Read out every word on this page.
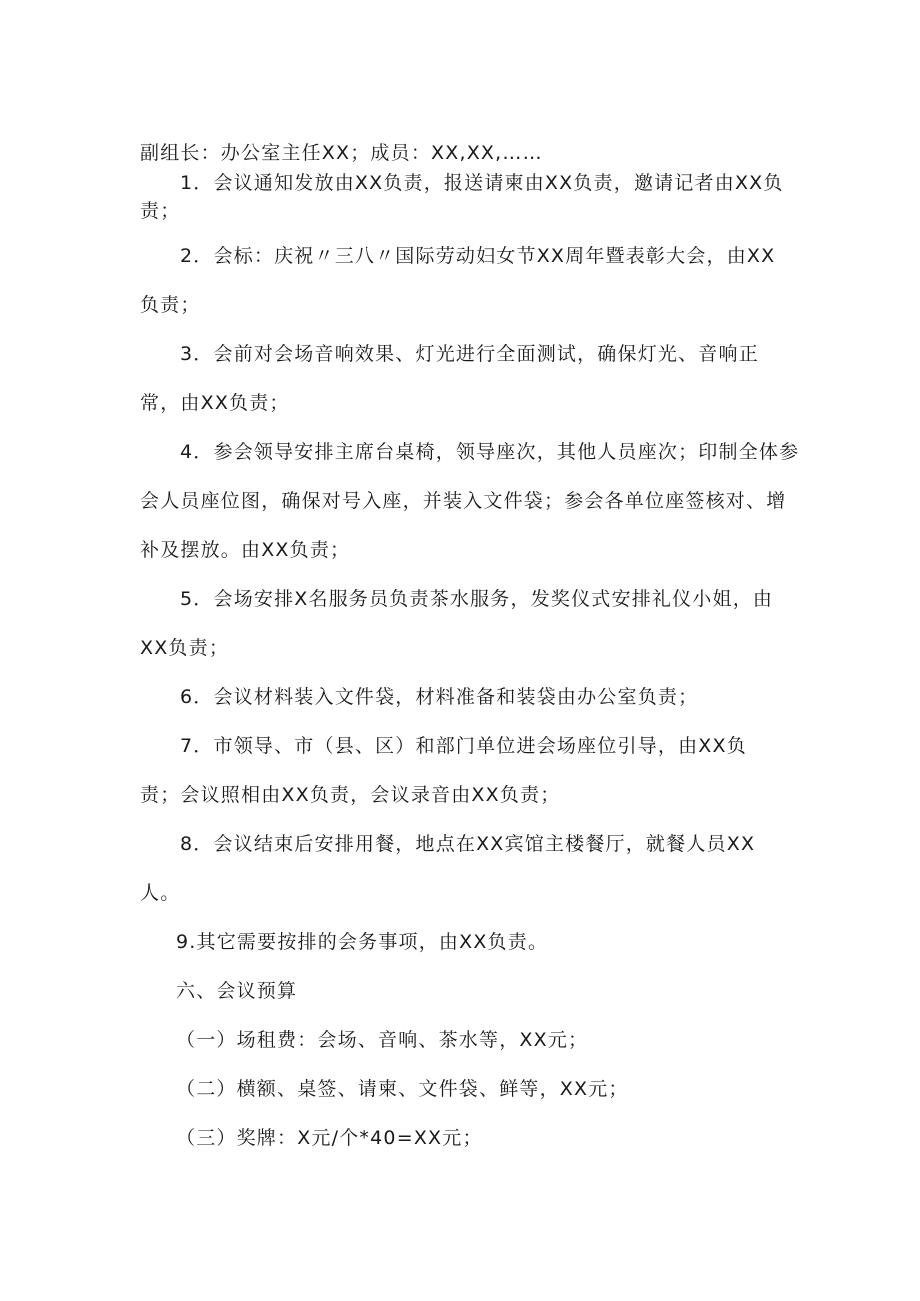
副组长：办公室主任XX；成员：XX,XX,……
1．会议通知发放由XX负责，报送请柬由XX负责，邀请记者由XX负
责；
2．会标：庆祝〃三八〃国际劳动妇女节XX周年暨表彰大会，由XX
负责；
3．会前对会场音响效果、灯光进行全面测试，确保灯光、音响正
常，由XX负责；
4．参会领导安排主席台桌椅，领导座次，其他人员座次；印制全体参
会人员座位图，确保对号入座，并装入文件袋；参会各单位座签核对、增
补及摆放。由XX负责；
5．会场安排X名服务员负责茶水服务，发奖仪式安排礼仪小姐，由
XX负责；
6．会议材料装入文件袋，材料准备和装袋由办公室负责；
7．市领导、市（县、区）和部门单位进会场座位引导，由XX负
责；会议照相由XX负责，会议录音由XX负责；
8．会议结束后安排用餐，地点在XX宾馆主楼餐厅，就餐人员XX
人。
9.其它需要按排的会务事项，由XX负责。
六、会议预算
（一）场租费：会场、音响、茶水等，XX元；
（二）横额、桌签、请柬、文件袋、鲜等，XX元；
（三）奖牌：X元/个*40=XX元；
